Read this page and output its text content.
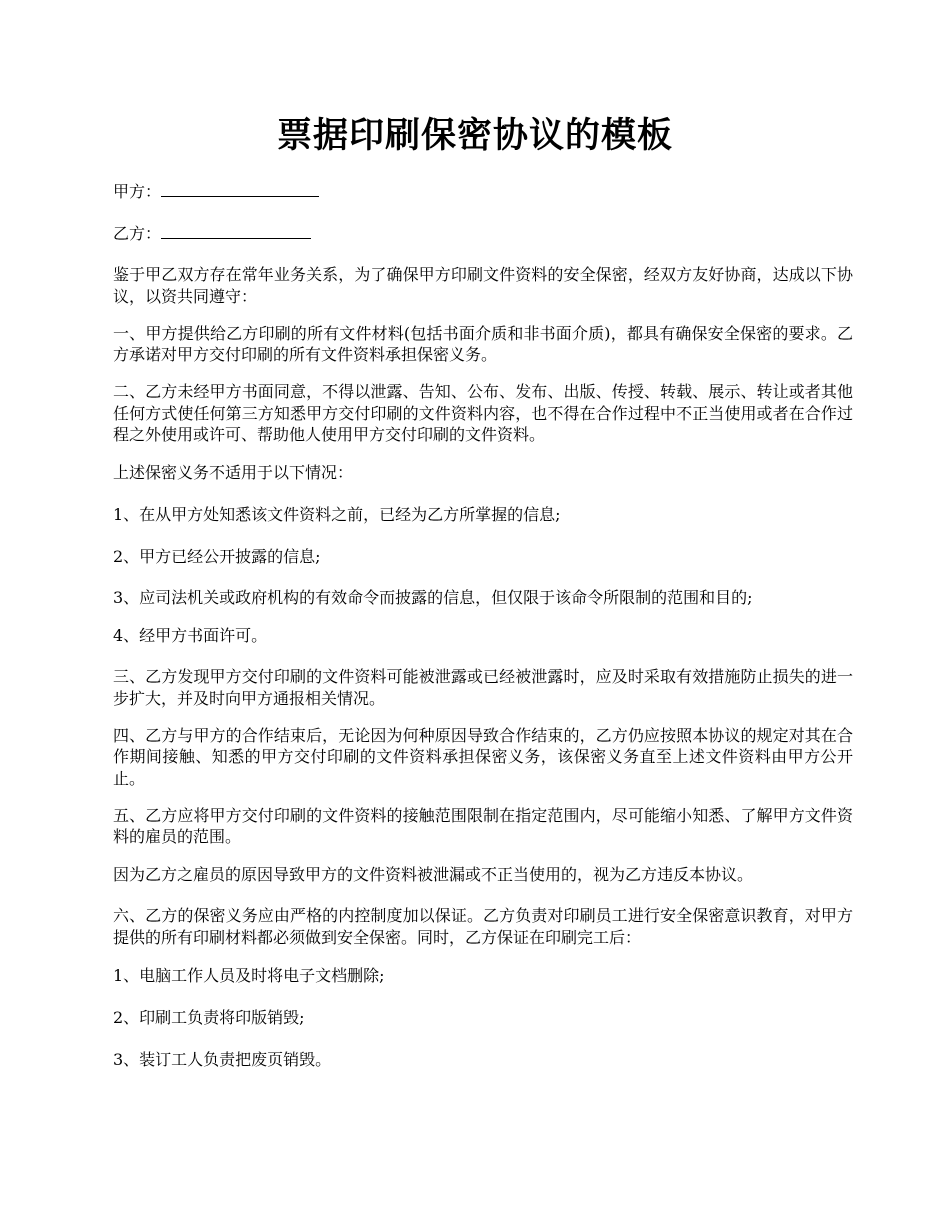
票据印刷保密协议的模板

甲方：

乙方：

鉴于甲乙双方存在常年业务关系，为了确保甲方印刷文件资料的安全保密，经双方友好协商，达成以下协议，以资共同遵守：

一、甲方提供给乙方印刷的所有文件材料(包括书面介质和非书面介质)，都具有确保安全保密的要求。乙方承诺对甲方交付印刷的所有文件资料承担保密义务。

二、乙方未经甲方书面同意，不得以泄露、告知、公布、发布、出版、传授、转载、展示、转让或者其他任何方式使任何第三方知悉甲方交付印刷的文件资料内容，也不得在合作过程中不正当使用或者在合作过程之外使用或许可、帮助他人使用甲方交付印刷的文件资料。

上述保密义务不适用于以下情况：

1、在从甲方处知悉该文件资料之前，已经为乙方所掌握的信息;

2、甲方已经公开披露的信息;

3、应司法机关或政府机构的有效命令而披露的信息，但仅限于该命令所限制的范围和目的;

4、经甲方书面许可。

三、乙方发现甲方交付印刷的文件资料可能被泄露或已经被泄露时，应及时采取有效措施防止损失的进一步扩大，并及时向甲方通报相关情况。

四、乙方与甲方的合作结束后，无论因为何种原因导致合作结束的，乙方仍应按照本协议的规定对其在合作期间接触、知悉的甲方交付印刷的文件资料承担保密义务，该保密义务直至上述文件资料由甲方公开止。

五、乙方应将甲方交付印刷的文件资料的接触范围限制在指定范围内，尽可能缩小知悉、了解甲方文件资料的雇员的范围。

因为乙方之雇员的原因导致甲方的文件资料被泄漏或不正当使用的，视为乙方违反本协议。

六、乙方的保密义务应由严格的内控制度加以保证。乙方负责对印刷员工进行安全保密意识教育，对甲方提供的所有印刷材料都必须做到安全保密。同时，乙方保证在印刷完工后：

1、电脑工作人员及时将电子文档删除;

2、印刷工负责将印版销毁;

3、装订工人负责把废页销毁。
